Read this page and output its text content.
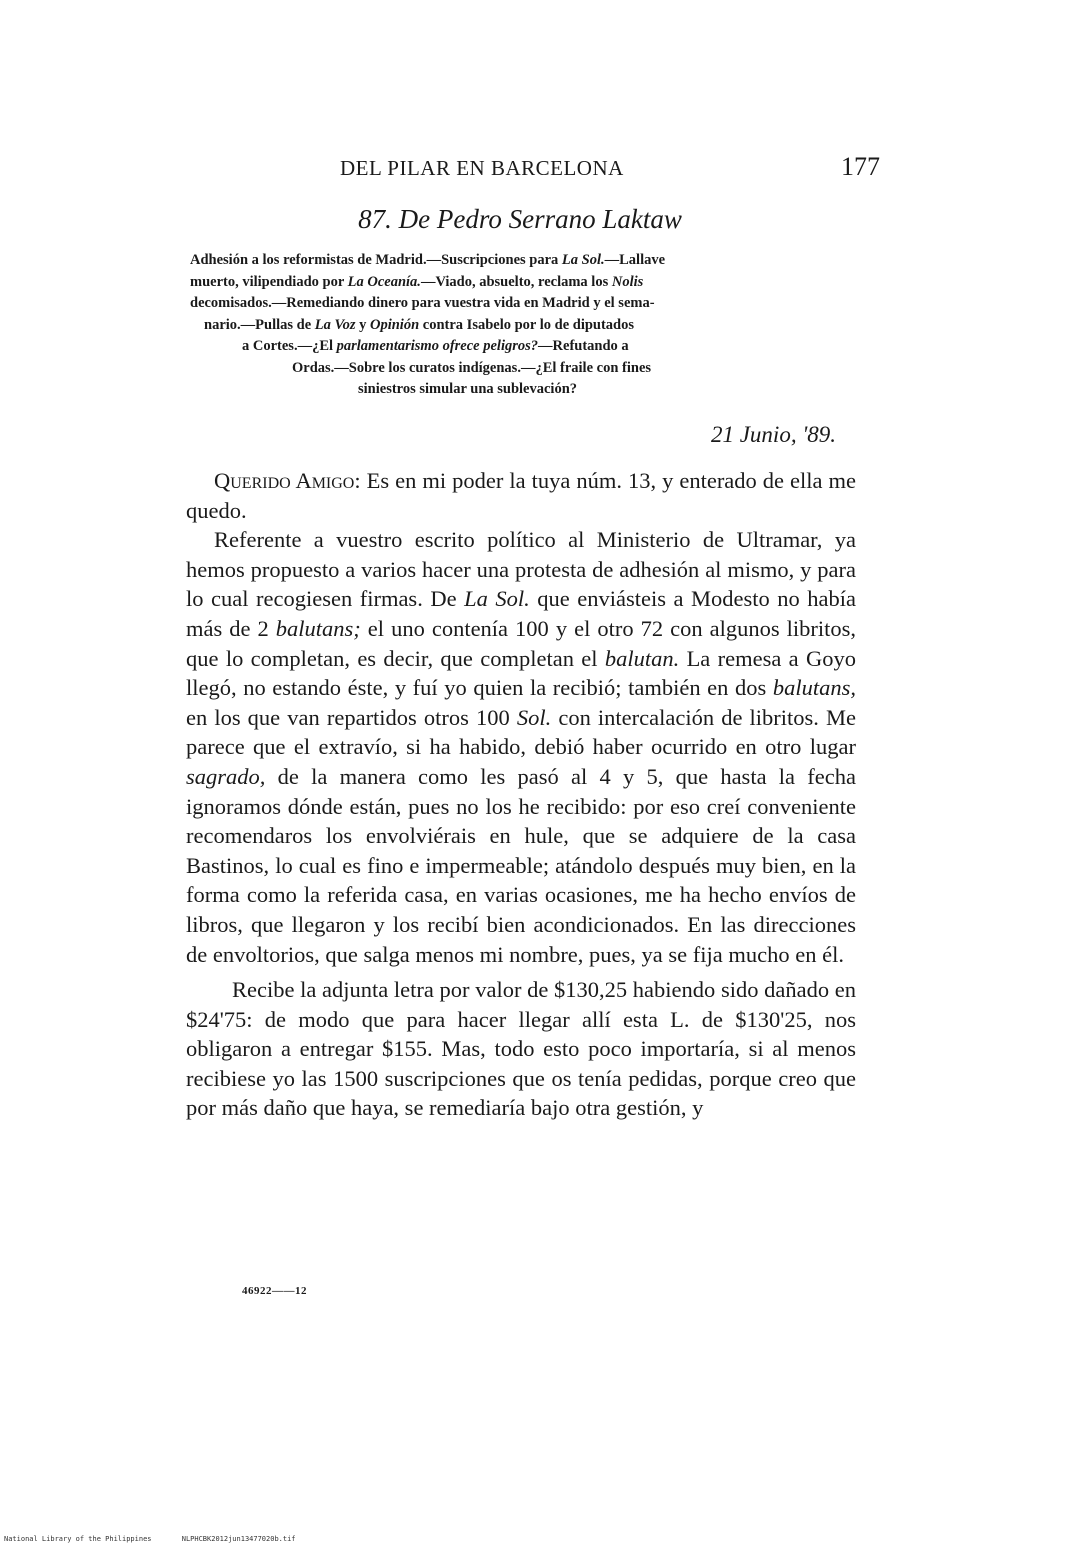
DEL PILAR EN BARCELONA	177
87. De Pedro Serrano Laktaw
Adhesión a los reformistas de Madrid.—Suscripciones para La Sol.—Lallave
muerto, vilipendiado por La Oceanía.—Viado, absuelto, reclama los Nolis
decomisados.—Remediando dinero para vuestra vida en Madrid y el sema-
nario.—Pullas de La Voz y Opinión contra Isabelo por lo de diputados
a Cortes.—¿El parlamentarismo ofrece peligros?—Refutando a
Ordas.—Sobre los curatos indígenas.—¿El fraile con fines
siniestros simular una sublevación?
21 Junio, '89.

Querido Amigo: Es en mi poder la tuya núm. 13, y enterado de ella me quedo.

Referente a vuestro escrito político al Ministerio de Ultramar, ya hemos propuesto a varios hacer una protesta de adhesión al mismo, y para lo cual recogiesen firmas. De La Sol. que enviásteis a Modesto no había más de 2 balutans; el uno contenía 100 y el otro 72 con algunos libritos, que lo completan, es decir, que completan el balutan. La remesa a Goyo llegó, no estando éste, y fuí yo quien la recibió; también en dos balutans, en los que van repartidos otros 100 Sol. con intercalación de libritos. Me parece que el extravío, si ha habido, debió haber ocurrido en otro lugar sagrado, de la manera como les pasó al 4 y 5, que hasta la fecha ignoramos dónde están, pues no los he recibido: por eso creí conveniente recomendaros los envolviérais en hule, que se adquiere de la casa Bastinos, lo cual es fino e impermeable; atándolo después muy bien, en la forma como la referida casa, en varias ocasiones, me ha hecho envíos de libros, que llegaron y los recibí bien acondicionados. En las direcciones de envoltorios, que salga menos mi nombre, pues, ya se fija mucho en él.

Recibe la adjunta letra por valor de $130,25 habiendo sido dañado en $24'75: de modo que para hacer llegar allí esta L. de $130'25, nos obligaron a entregar $155. Mas, todo esto poco importaría, si al menos recibiese yo las 1500 suscripciones que os tenía pedidas, porque creo que por más daño que haya, se remediaría bajo otra gestión, y

46922——12
National Library of the Philippines	NLPHCBK2012jun13477020b.tif
